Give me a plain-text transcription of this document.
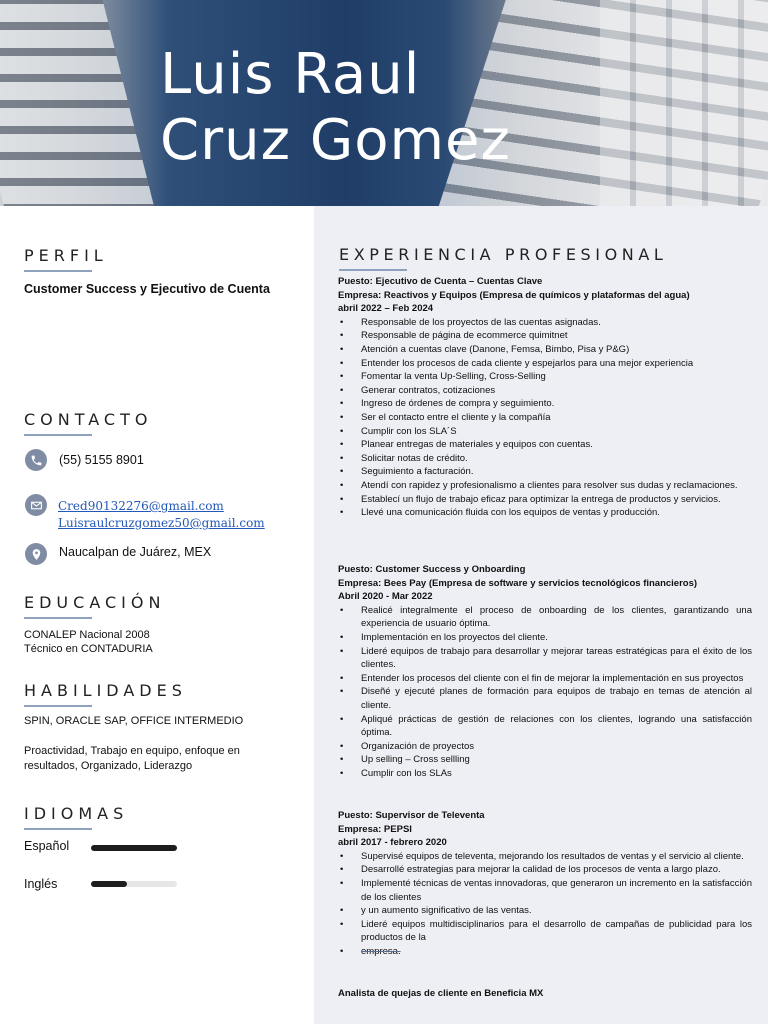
Luis Raul
Cruz Gomez
PERFIL
Customer Success y Ejecutivo de Cuenta
CONTACTO
(55) 5155 8901
Cred90132276@gmail.com
Luisraulcruzgomez50@gmail.com
Naucalpan de Juárez, MEX
EDUCACIÓN
CONALEP Nacional 2008
Técnico en CONTADURIA
HABILIDADES
SPIN, ORACLE SAP, OFFICE INTERMEDIO
Proactividad, Trabajo en equipo, enfoque en
resultados, Organizado, Liderazgo
IDIOMAS
Español
Inglés
EXPERIENCIA PROFESIONAL
Puesto: Ejecutivo de Cuenta – Cuentas Clave
Empresa: Reactivos y Equipos (Empresa de químicos y plataformas del agua)
abril 2022 – Feb 2024
• Responsable de los proyectos de las cuentas asignadas.
• Responsable de página de ecommerce quimitnet
• Atención a cuentas clave (Danone, Femsa, Bimbo, Pisa y P&G)
• Entender los procesos de cada cliente y espejarlos para una mejor experiencia
• Fomentar la venta Up-Selling, Cross-Selling
• Generar contratos, cotizaciones
• Ingreso de órdenes de compra y seguimiento.
• Ser el contacto entre el cliente y la compañía
• Cumplir con los SLA´S
• Planear entregas de materiales y equipos con cuentas.
• Solicitar notas de crédito.
• Seguimiento a facturación.
• Atendí con rapidez y profesionalismo a clientes para resolver sus dudas y reclamaciones.
• Establecí un flujo de trabajo eficaz para optimizar la entrega de productos y servicios.
• Llevé una comunicación fluida con los equipos de ventas y producción.
Puesto: Customer Success y Onboarding
Empresa: Bees Pay (Empresa de software y servicios tecnológicos financieros)
Abril 2020 - Mar 2022
• Realicé integralmente el proceso de onboarding de los clientes, garantizando una experiencia de usuario óptima.
• Implementación en los proyectos del cliente.
• Lideré equipos de trabajo para desarrollar y mejorar tareas estratégicas para el éxito de los clientes.
• Entender los procesos del cliente con el fin de mejorar la implementación en sus proyectos
• Diseñé y ejecuté planes de formación para equipos de trabajo en temas de atención al cliente.
• Apliqué prácticas de gestión de relaciones con los clientes, logrando una satisfacción óptima.
• Organización de proyectos
• Up selling – Cross sellling
• Cumplir con los SLAs
Puesto: Supervisor de Televenta
Empresa: PEPSI
abril 2017 - febrero 2020
• Supervisé equipos de televenta, mejorando los resultados de ventas y el servicio al cliente.
• Desarrollé estrategias para mejorar la calidad de los procesos de venta a largo plazo.
• Implementé técnicas de ventas innovadoras, que generaron un incremento en la satisfacción de los clientes
• y un aumento significativo de las ventas.
• Lideré equipos multidisciplinarios para el desarrollo de campañas de publicidad para los productos de la
• empresa.
Analista de quejas de cliente en Beneficia MX
